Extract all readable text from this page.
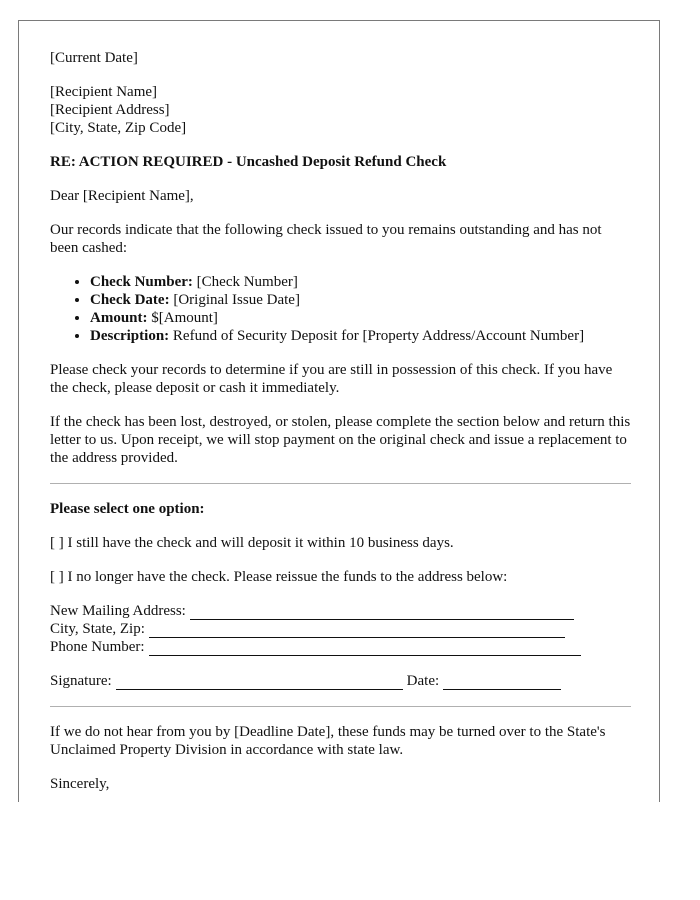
[Current Date]

[Recipient Name]

[Recipient Address]

[City, State, Zip Code]

RE: ACTION REQUIRED - Uncashed Deposit Refund Check

Dear [Recipient Name],

Our records indicate that the following check issued to you remains outstanding and has not been cashed:

• Check Number: [Check Number]
• Check Date: [Original Issue Date]
• Amount: $[Amount]
• Description: Refund of Security Deposit for [Property Address/Account Number]

Please check your records to determine if you are still in possession of this check. If you have the check, please deposit or cash it immediately.

If the check has been lost, destroyed, or stolen, please complete the section below and return this letter to us. Upon receipt, we will stop payment on the original check and issue a replacement to the address provided.

Please select one option:

[ ] I still have the check and will deposit it within 10 business days.

[ ] I no longer have the check. Please reissue the funds to the address below:

New Mailing Address:
City, State, Zip:
Phone Number:
Signature:	Date:

If we do not hear from you by [Deadline Date], these funds may be turned over to the State's Unclaimed Property Division in accordance with state law.

Sincerely,
